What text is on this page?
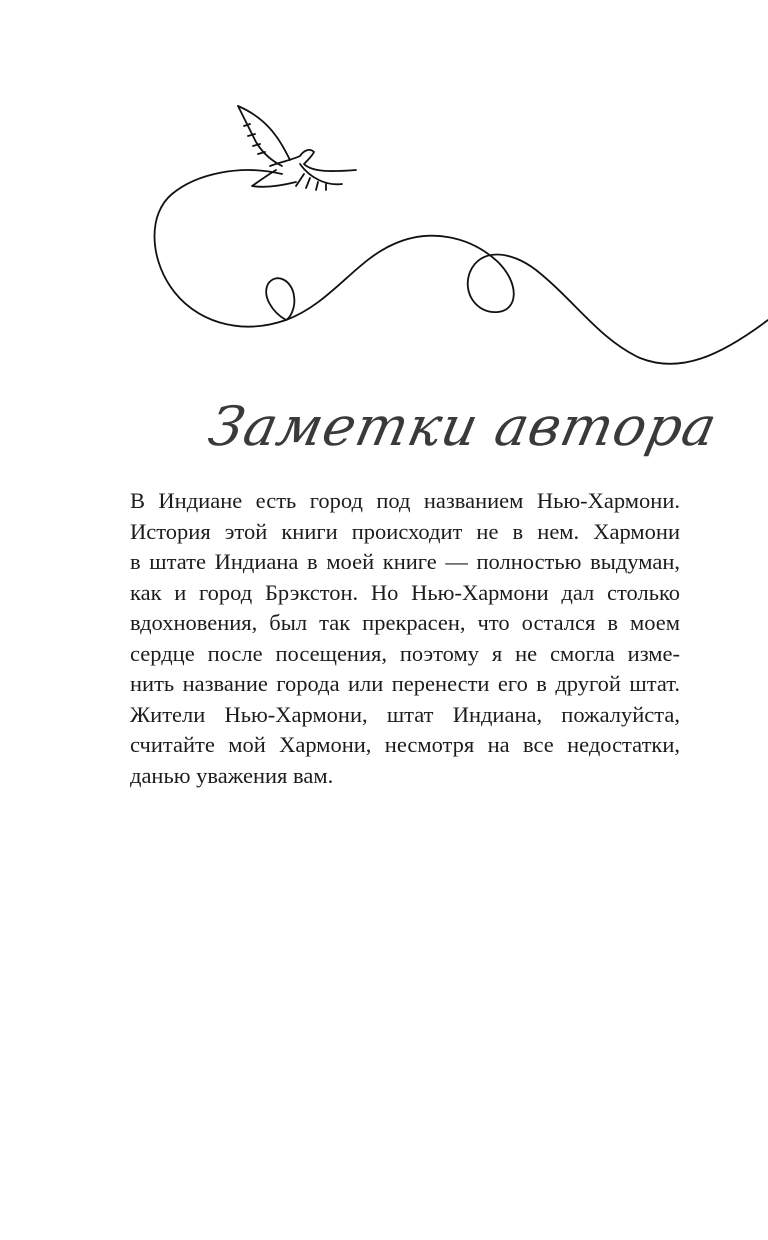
Заметки автора
В Индиане есть город под названием Нью-Хармони.
История этой книги происходит не в нем. Хармони
в штате Индиана в моей книге — полностью выдуман,
как и город Брэкстон. Но Нью-Хармони дал столько
вдохновения, был так прекрасен, что остался в моем
сердце после посещения, поэтому я не смогла изме-
нить название города или перенести его в другой штат.
Жители Нью-Хармони, штат Индиана, пожалуйста,
считайте мой Хармони, несмотря на все недостатки,
данью уважения вам.
